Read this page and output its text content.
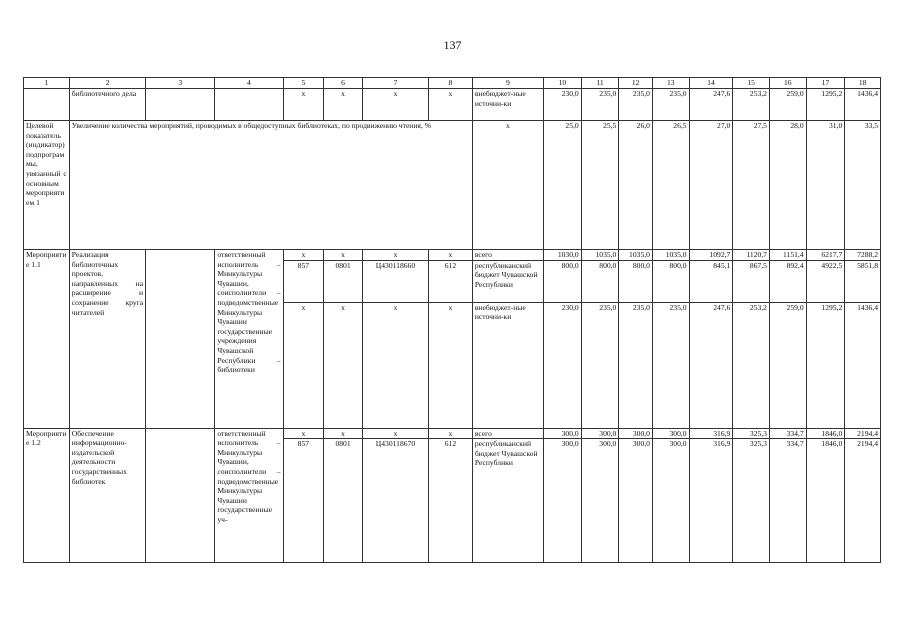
137
1	2	3	4	5	6	7	8	9	10	11	12	13	14	15	16	17	18
	библиотечного дела			x	x	x	x	внебюджет-ные источни-ки	230,0	235,0	235,0	235,0	247,6	253,2	259,0	1295,2	1436,4
Целевой показатель (индикатор) подпрограммы, увязанный с основным мероприятием 1	Увеличение количества мероприятий, проводимых в общедоступных библиотеках, по продвижению чтения, %							x	25,0	25,5	26,0	26,5	27,0	27,5	28,0	31,0	33,5
Мероприятие 1.1	Реализация библиотечных проектов, направленных на расширение и сохранение круга читателей		ответственный исполнитель – Минкультуры Чувашии, соисполнители – подведомственные Минкультуры Чувашии государственные учреждения Чувашской Республики – библиотеки	x	x	x	x	всего	1030,0	1035,0	1035,0	1035,0	1092,7	1120,7	1151,4	6217,7	7288,2
				857	0801	Ц430118660	612	республиканский бюджет Чувашской Республики	800,0	800,0	800,0	800,0	845,1	867,5	892,4	4922,5	5851,8
				x	x	x	x	внебюджет-ные источни-ки	230,0	235,0	235,0	235,0	247,6	253,2	259,0	1295,2	1436,4
Мероприятие 1.2	Обеспечение информационно-издательской деятельности государственных библиотек		ответственный исполнитель – Минкультуры Чувашии, соисполнители – подведомственные Минкультуры Чувашии государственные уч-	x	x	x	x	всего	300,0	300,0	300,0	300,0	316,9	325,3	334,7	1846,0	2194,4
				857	0801	Ц430118670	612	республиканский бюджет Чувашской Республики	300,0	300,0	300,0	300,0	316,9	325,3	334,7	1846,0	2194,4
